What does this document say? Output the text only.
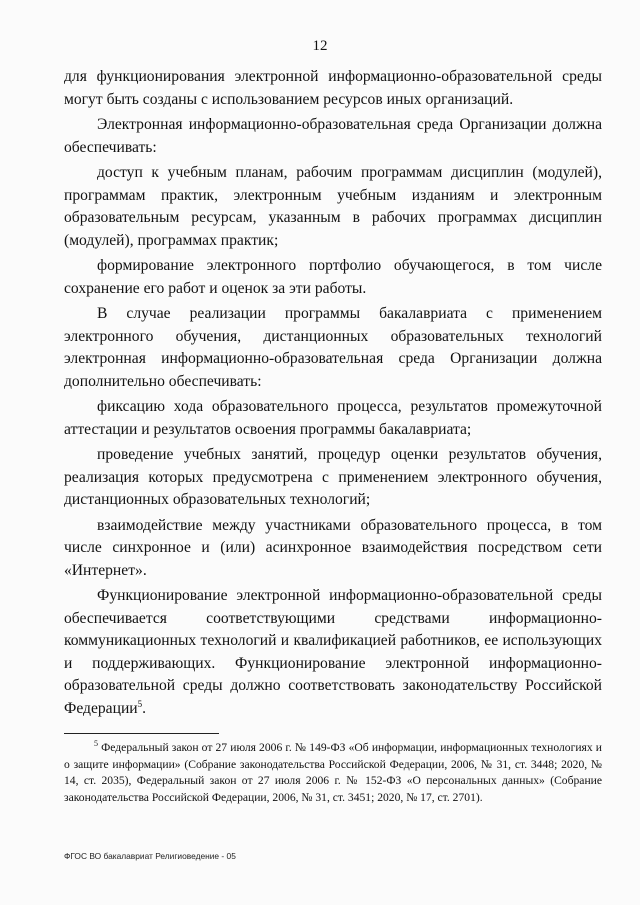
12

для функционирования электронной информационно-образовательной среды могут быть созданы с использованием ресурсов иных организаций.

Электронная информационно-образовательная среда Организации должна обеспечивать:

доступ к учебным планам, рабочим программам дисциплин (модулей), программам практик, электронным учебным изданиям и электронным образовательным ресурсам, указанным в рабочих программах дисциплин (модулей), программах практик;

формирование электронного портфолио обучающегося, в том числе сохранение его работ и оценок за эти работы.

В случае реализации программы бакалавриата с применением электронного обучения, дистанционных образовательных технологий электронная информационно-образовательная среда Организации должна дополнительно обеспечивать:

фиксацию хода образовательного процесса, результатов промежуточной аттестации и результатов освоения программы бакалавриата;

проведение учебных занятий, процедур оценки результатов обучения, реализация которых предусмотрена с применением электронного обучения, дистанционных образовательных технологий;

взаимодействие между участниками образовательного процесса, в том числе синхронное и (или) асинхронное взаимодействия посредством сети «Интернет».

Функционирование электронной информационно-образовательной среды обеспечивается соответствующими средствами информационно-коммуникационных технологий и квалификацией работников, ее использующих и поддерживающих. Функционирование электронной информационно-образовательной среды должно соответствовать законодательству Российской Федерации$^5$.

$^5$ Федеральный закон от 27 июля 2006 г. № 149-ФЗ «Об информации, информационных технологиях и о защите информации» (Собрание законодательства Российской Федерации, 2006, № 31, ст. 3448; 2020, № 14, ст. 2035), Федеральный закон от 27 июля 2006 г. № 152-ФЗ «О персональных данных» (Собрание законодательства Российской Федерации, 2006, № 31, ст. 3451; 2020, № 17, ст. 2701).
ФГОС ВО бакалавриат Религиоведение - 05
